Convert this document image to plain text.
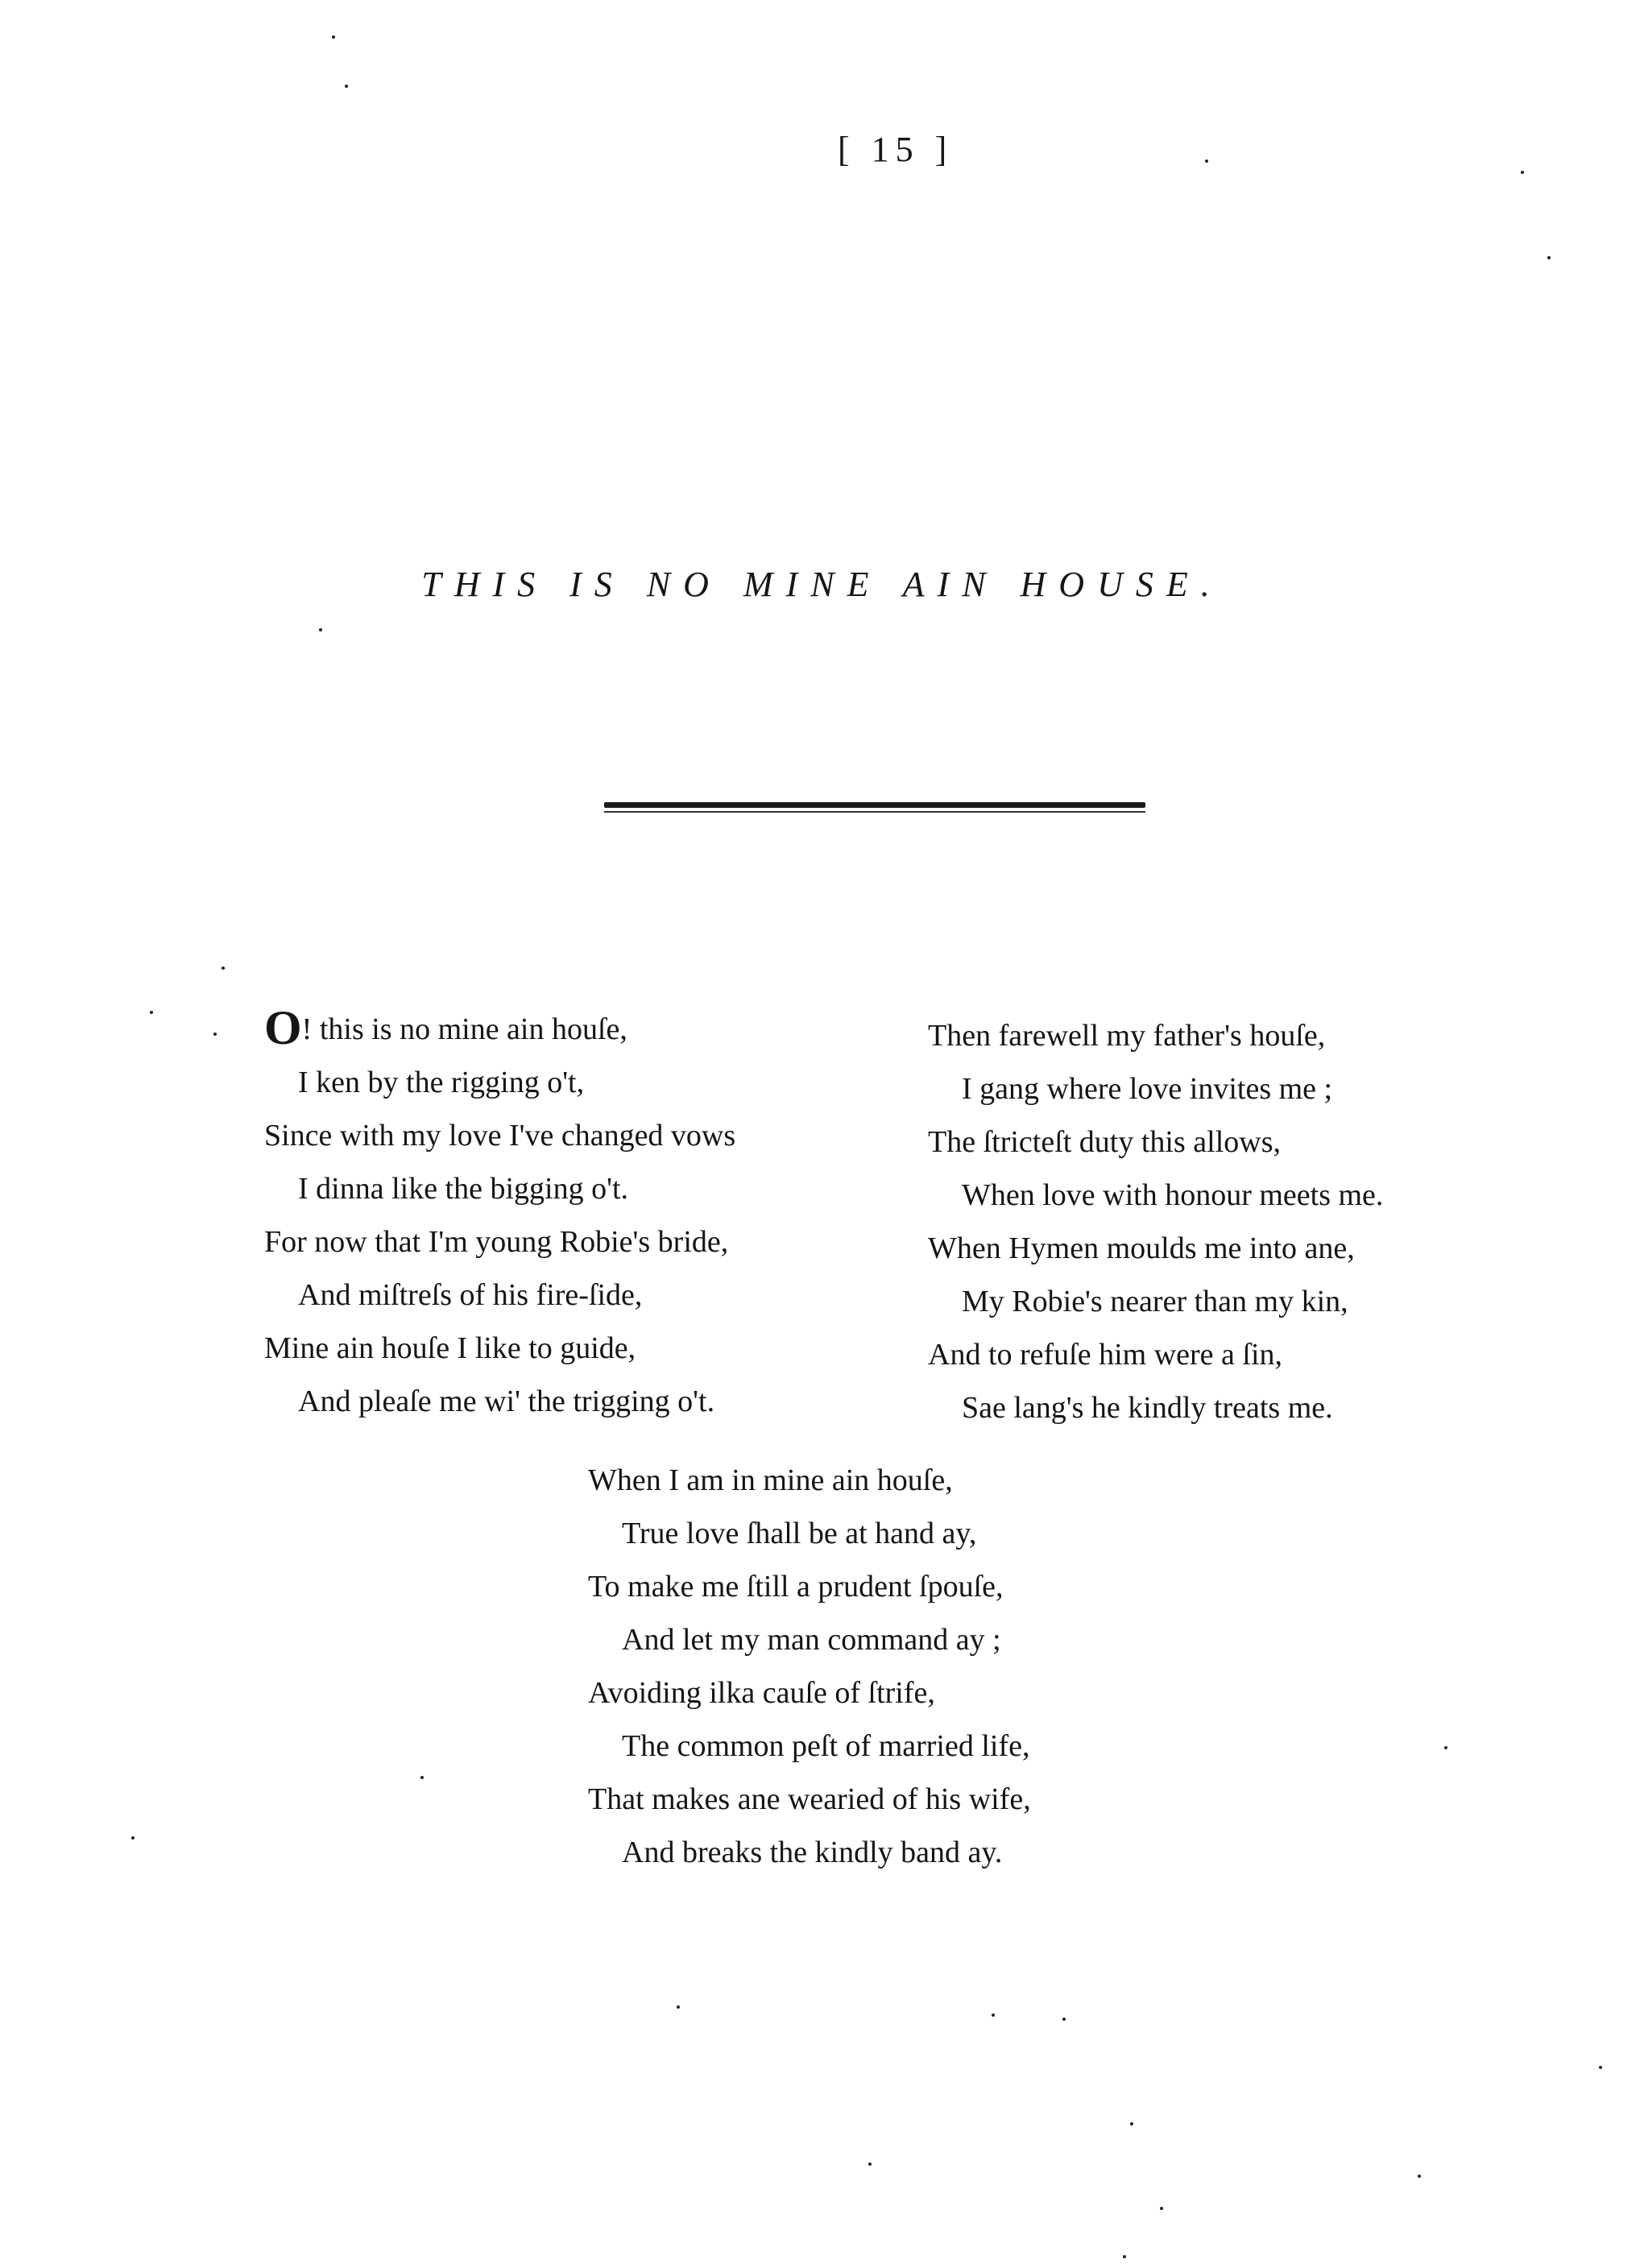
[ 15 ]
THIS IS NO MINE AIN HOUSE.
O! this is no mine ain houſe,
I ken by the rigging o't,
Since with my love I've changed vows
I dinna like the bigging o't.
For now that I'm young Robie's bride,
And miſtreſs of his fire-ſide,
Mine ain houſe I like to guide,
And pleaſe me wi' the trigging o't.
Then farewell my father's houſe,
I gang where love invites me ;
The ſtricteſt duty this allows,
When love with honour meets me.
When Hymen moulds me into ane,
My Robie's nearer than my kin,
And to refuſe him were a ſin,
Sae lang's he kindly treats me.
When I am in mine ain houſe,
True love ſhall be at hand ay,
To make me ſtill a prudent ſpouſe,
And let my man command ay ;
Avoiding ilka cauſe of ſtrife,
The common peſt of married life,
That makes ane wearied of his wife,
And breaks the kindly band ay.
